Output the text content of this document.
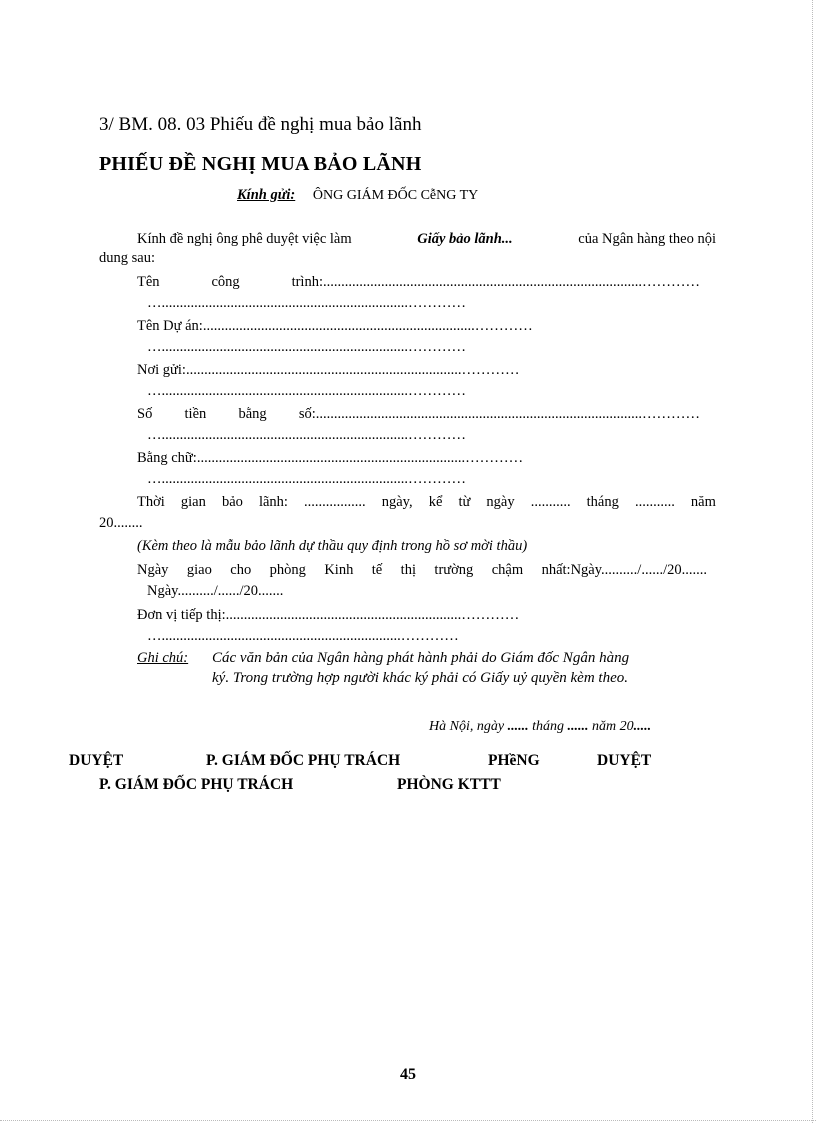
3/ BM. 08. 03 Phiếu đề nghị mua bảo lãnh
PHIẾU ĐỀ NGHỊ MUA BẢO LÃNH
Kính gửi: ÔNG GIÁM ĐỐC CễNG TY
Kính đề nghị ông phê duyệt việc làm	Giấy bảo lãnh...	của Ngân hàng theo nội
dung sau:
Tên	công	trình:........................................................................................…………
…....................................................................…………
Tên Dự án:...........................................................................…………
…....................................................................…………
Nơi gửi:............................................................................…………
…....................................................................…………
Số tiền bằng số:..........................................................................................…………
…....................................................................…………
Bằng chữ:..........................................................................…………
…....................................................................…………
Thời gian bảo lãnh: ................. ngày, kể từ ngày ........... tháng ........... năm
20........
(Kèm theo là mẫu bảo lãnh dự thầu quy định trong hồ sơ mời thầu)
Ngày giao cho phòng Kinh tế thị trường chậm nhất:Ngày........../....../20.......
Ngày........../....../20.......
Đơn vị tiếp thị:.................................................................…………
…..................................................................…………
Ghi chú: Các văn bản của Ngân hàng phát hành phải do Giám đốc Ngân hàng
ký. Trong trường hợp người khác ký phải có Giấy uỷ quyền kèm theo.
Hà Nội, ngày ...... tháng ...... năm 20.....
DUYỆT	P. GIÁM ĐỐC PHỤ TRÁCH	PHềNG	DUYỆT
P. GIÁM ĐỐC PHỤ TRÁCH	PHÒNG KTTT
45
